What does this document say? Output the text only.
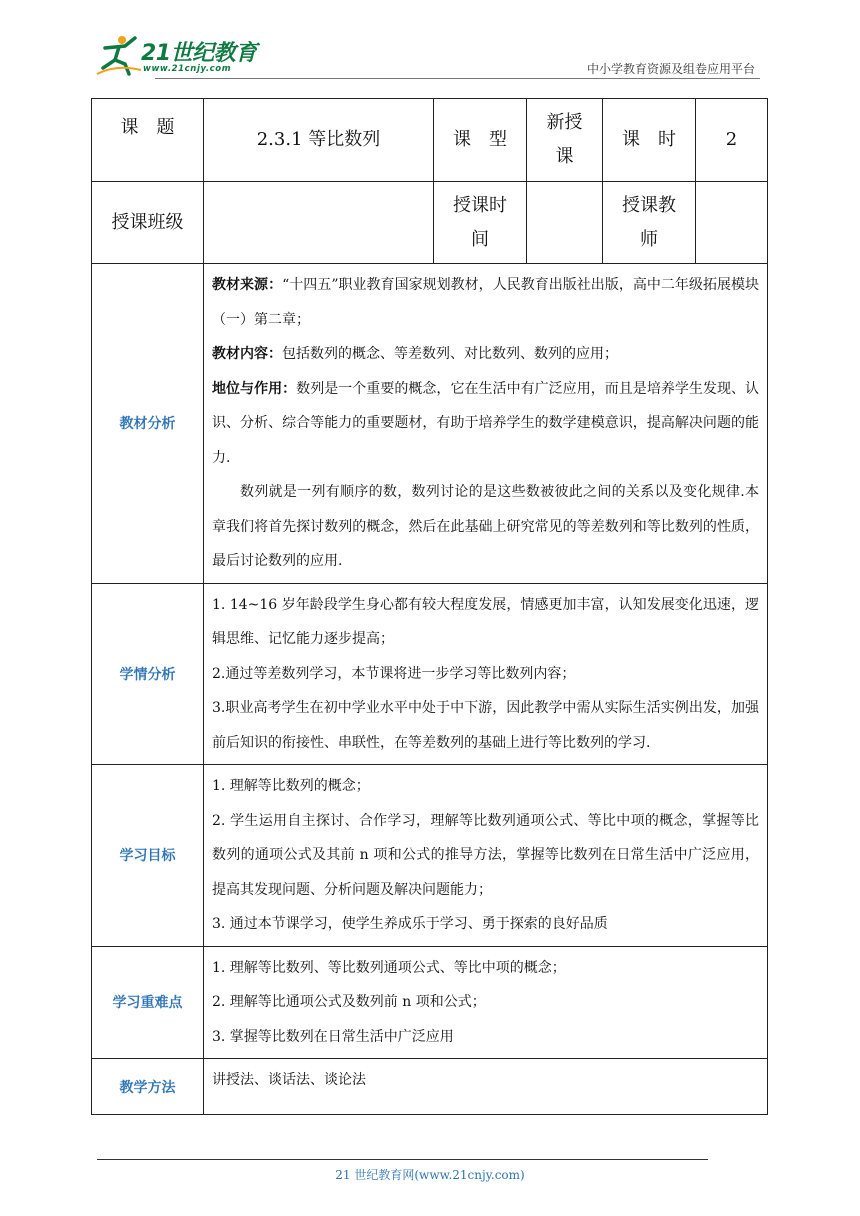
21世纪教育
www.21cnjy.com	中小学教育资源及组卷应用平台
课　题	2.3.1 等比数列	课　型	新授课	课　时	2
授课班级		授课时间		授课教师	
教材分析	教材来源：“十四五”职业教育国家规划教材，人民教育出版社出版，高中二年级拓展模块（一）第二章；

教材内容：包括数列的概念、等差数列、对比数列、数列的应用；

地位与作用：数列是一个重要的概念，它在生活中有广泛应用，而且是培养学生发现、认识、分析、综合等能力的重要题材，有助于培养学生的数学建模意识，提高解决问题的能力.

数列就是一列有顺序的数，数列讨论的是这些数被彼此之间的关系以及变化规律.本章我们将首先探讨数列的概念，然后在此基础上研究常见的等差数列和等比数列的性质，最后讨论数列的应用.				

学情分析	1. 14~16 岁年龄段学生身心都有较大程度发展，情感更加丰富，认知发展变化迅速，逻辑思维、记忆能力逐步提高；

2.通过等差数列学习，本节课将进一步学习等比数列内容；

3.职业高考学生在初中学业水平中处于中下游，因此教学中需从实际生活实例出发，加强前后知识的衔接性、串联性，在等差数列的基础上进行等比数列的学习.				

学习目标	1. 理解等比数列的概念；

2. 学生运用自主探讨、合作学习，理解等比数列通项公式、等比中项的概念，掌握等比数列的通项公式及其前 n 项和公式的推导方法，掌握等比数列在日常生活中广泛应用，提高其发现问题、分析问题及解决问题能力；

3. 通过本节课学习，使学生养成乐于学习、勇于探索的良好品质				

学习重难点	1. 理解等比数列、等比数列通项公式、等比中项的概念；

2. 理解等比通项公式及数列前 n 项和公式；

3. 掌握等比数列在日常生活中广泛应用				

教学方法	讲授法、谈话法、谈论法				

21 世纪教育网(www.21cnjy.com)
